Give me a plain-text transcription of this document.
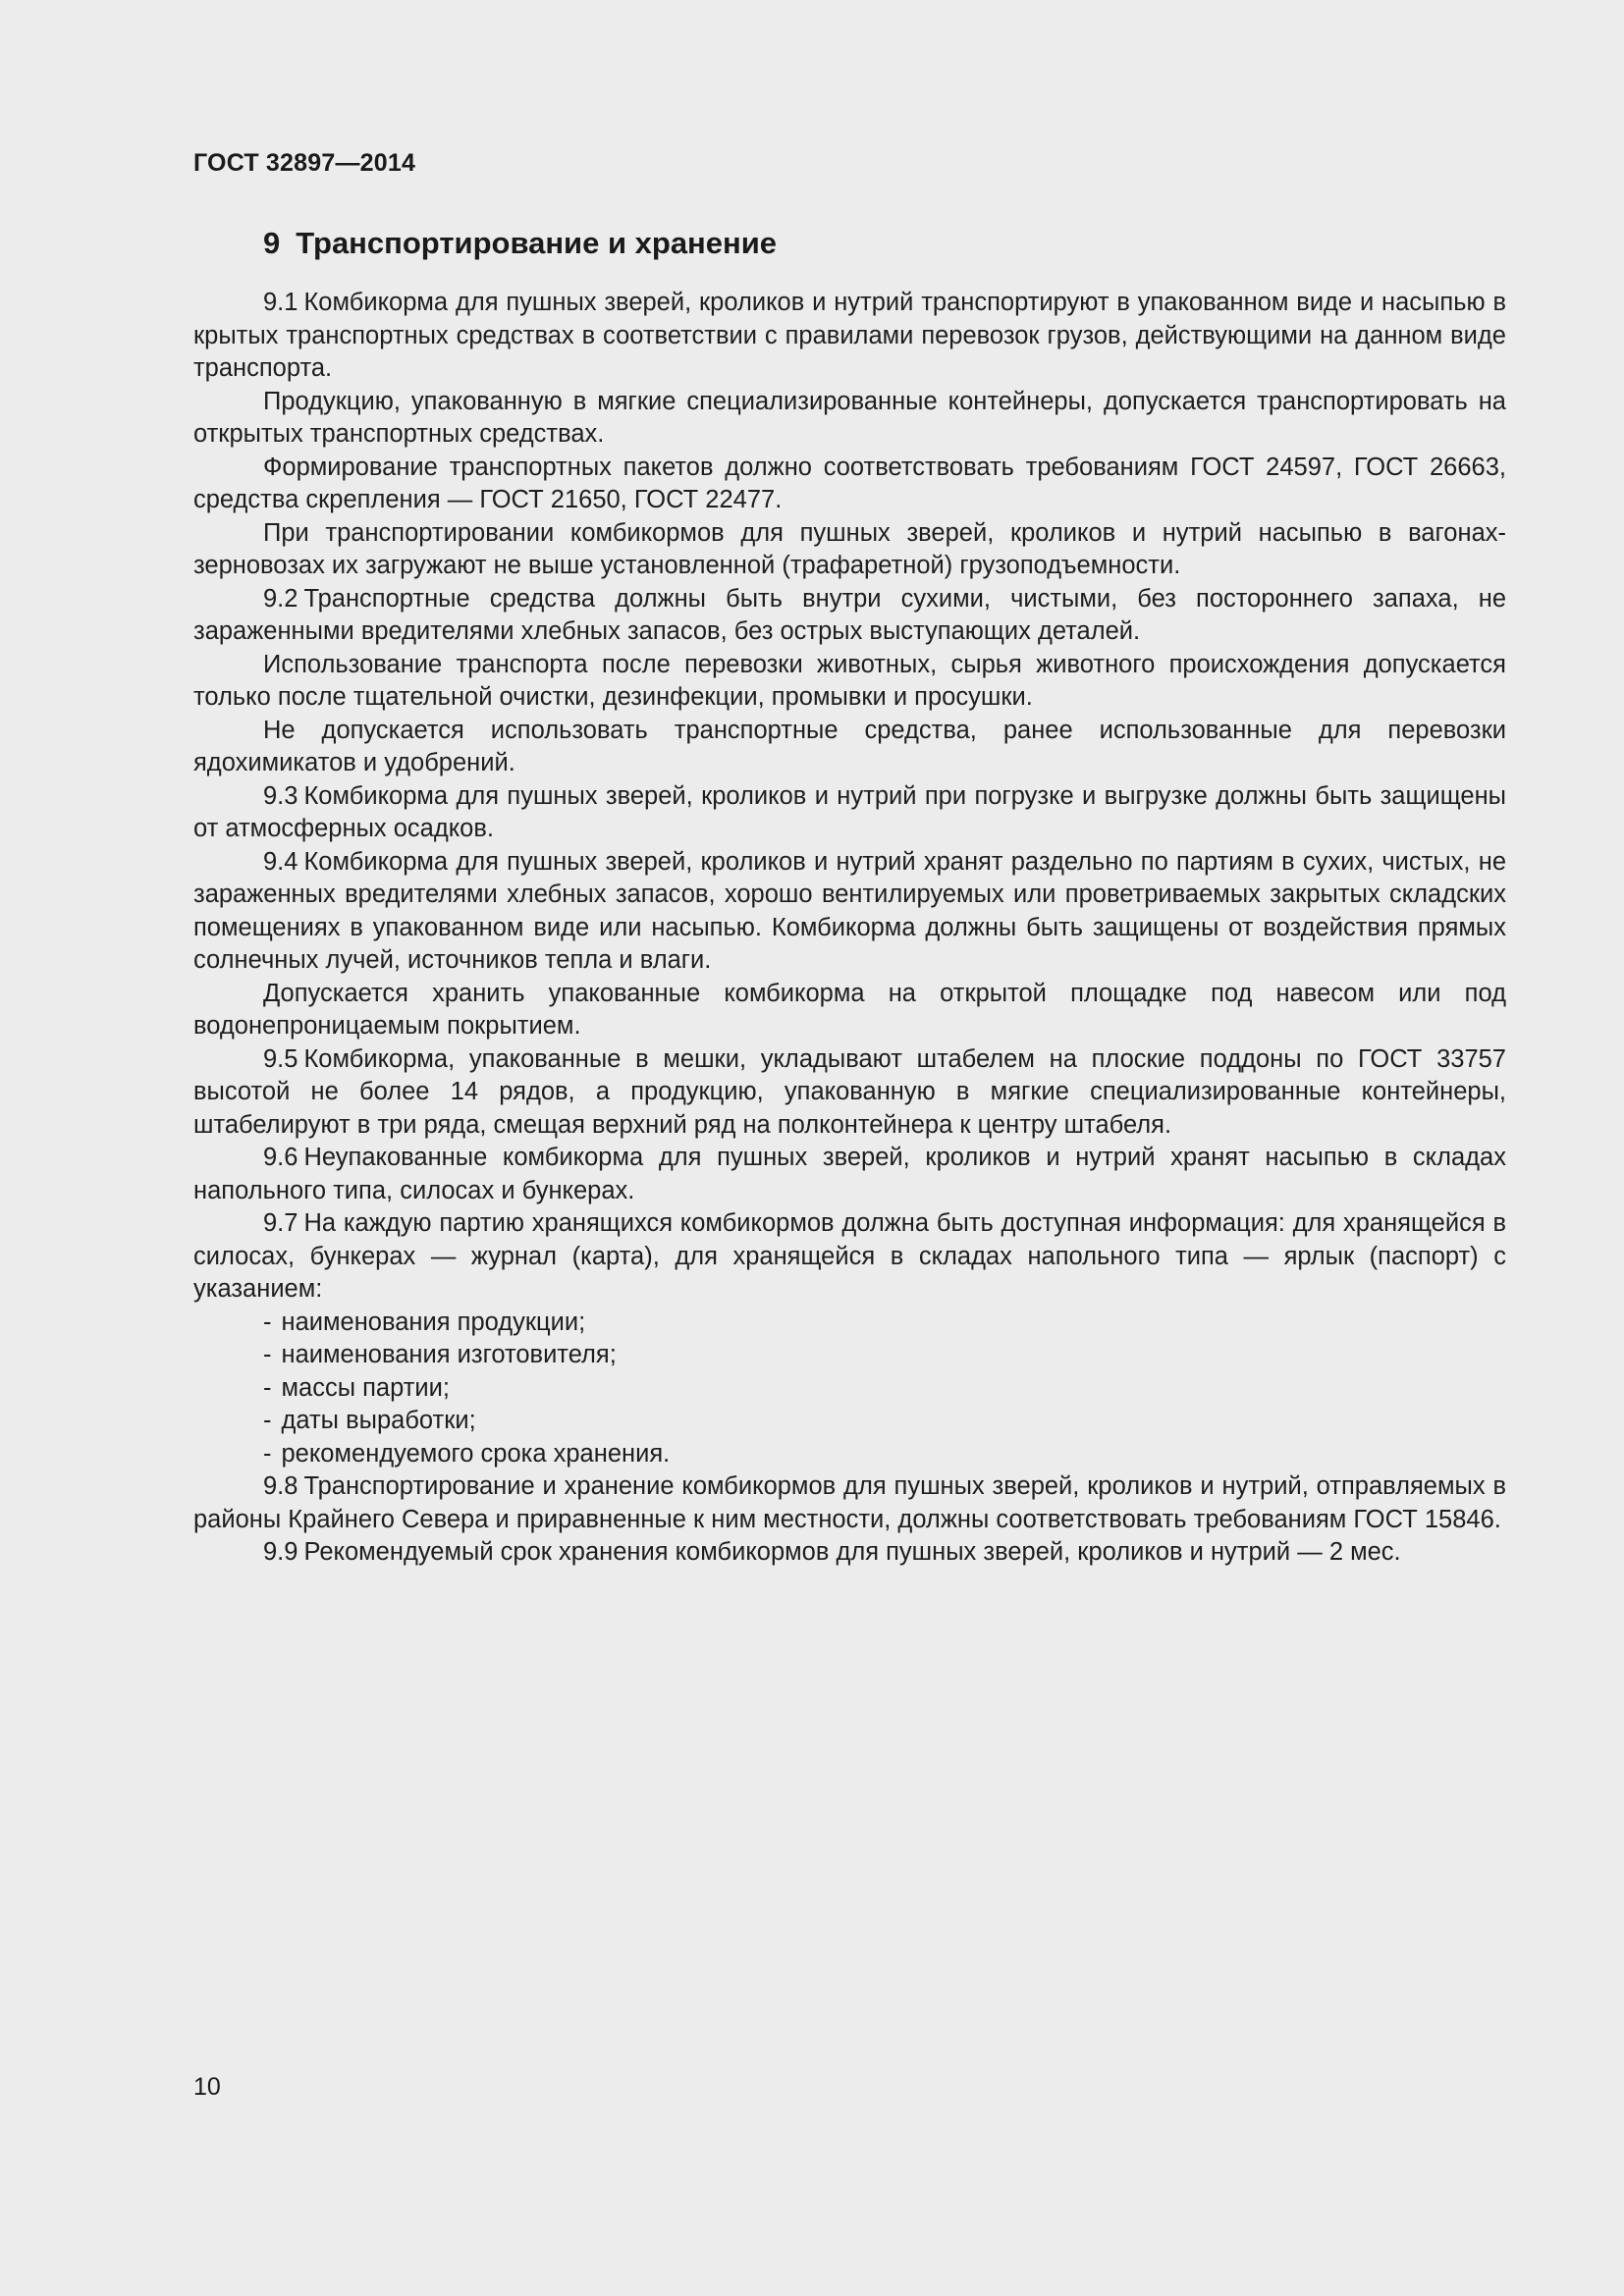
ГОСТ 32897—2014
9 Транспортирование и хранение

9.1 Комбикорма для пушных зверей, кроликов и нутрий транспортируют в упакованном виде и насыпью в крытых транспортных средствах в соответствии с правилами перевозок грузов, действующими на данном виде транспорта.

Продукцию, упакованную в мягкие специализированные контейнеры, допускается транспортировать на открытых транспортных средствах.

Формирование транспортных пакетов должно соответствовать требованиям ГОСТ 24597, ГОСТ 26663, средства скрепления — ГОСТ 21650, ГОСТ 22477.

При транспортировании комбикормов для пушных зверей, кроликов и нутрий насыпью в вагонах-зерновозах их загружают не выше установленной (трафаретной) грузоподъемности.

9.2 Транспортные средства должны быть внутри сухими, чистыми, без постороннего запаха, не зараженными вредителями хлебных запасов, без острых выступающих деталей.

Использование транспорта после перевозки животных, сырья животного происхождения допускается только после тщательной очистки, дезинфекции, промывки и просушки.

Не допускается использовать транспортные средства, ранее использованные для перевозки ядохимикатов и удобрений.

9.3 Комбикорма для пушных зверей, кроликов и нутрий при погрузке и выгрузке должны быть защищены от атмосферных осадков.

9.4 Комбикорма для пушных зверей, кроликов и нутрий хранят раздельно по партиям в сухих, чистых, не зараженных вредителями хлебных запасов, хорошо вентилируемых или проветриваемых закрытых складских помещениях в упакованном виде или насыпью. Комбикорма должны быть защищены от воздействия прямых солнечных лучей, источников тепла и влаги.

Допускается хранить упакованные комбикорма на открытой площадке под навесом или под водонепроницаемым покрытием.

9.5 Комбикорма, упакованные в мешки, укладывают штабелем на плоские поддоны по ГОСТ 33757 высотой не более 14 рядов, а продукцию, упакованную в мягкие специализированные контейнеры, штабелируют в три ряда, смещая верхний ряд на полконтейнера к центру штабеля.

9.6 Неупакованные комбикорма для пушных зверей, кроликов и нутрий хранят насыпью в складах напольного типа, силосах и бункерах.

9.7 На каждую партию хранящихся комбикормов должна быть доступная информация: для хранящейся в силосах, бункерах — журнал (карта), для хранящейся в складах напольного типа — ярлык (паспорт) с указанием:

- наименования продукции;
- наименования изготовителя;
- массы партии;
- даты выработки;
- рекомендуемого срока хранения.

9.8 Транспортирование и хранение комбикормов для пушных зверей, кроликов и нутрий, отправляемых в районы Крайнего Севера и приравненные к ним местности, должны соответствовать требованиям ГОСТ 15846.

9.9 Рекомендуемый срок хранения комбикормов для пушных зверей, кроликов и нутрий — 2 мес.

10
